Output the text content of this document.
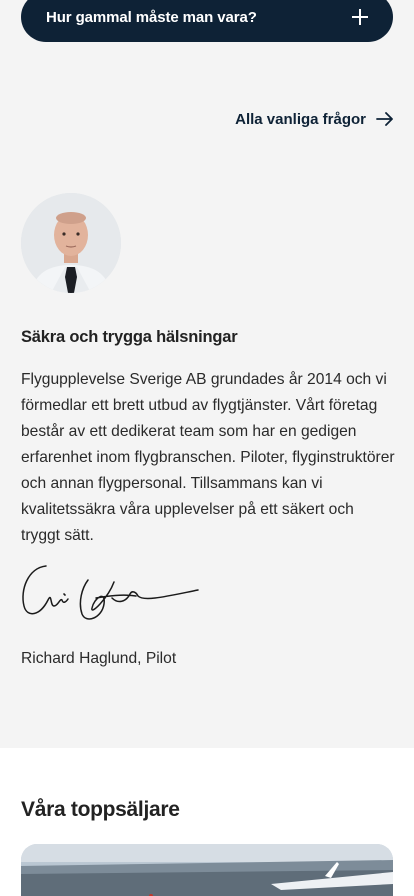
Hur gammal måste man vara?
Alla vanliga frågor
Säkra och trygga hälsningar

Flygupplevelse Sverige AB grundades år 2014 och vi förmedlar ett brett utbud av flygtjänster. Vårt företag består av ett dedikerat team som har en gedigen erfarenhet inom flygbranschen. Piloter, flyginstruktörer och annan flygpersonal. Tillsammans kan vi kvalitetssäkra våra upplevelser på ett säkert och tryggt sätt.

Richard Haglund, Pilot

Våra toppsäljare
